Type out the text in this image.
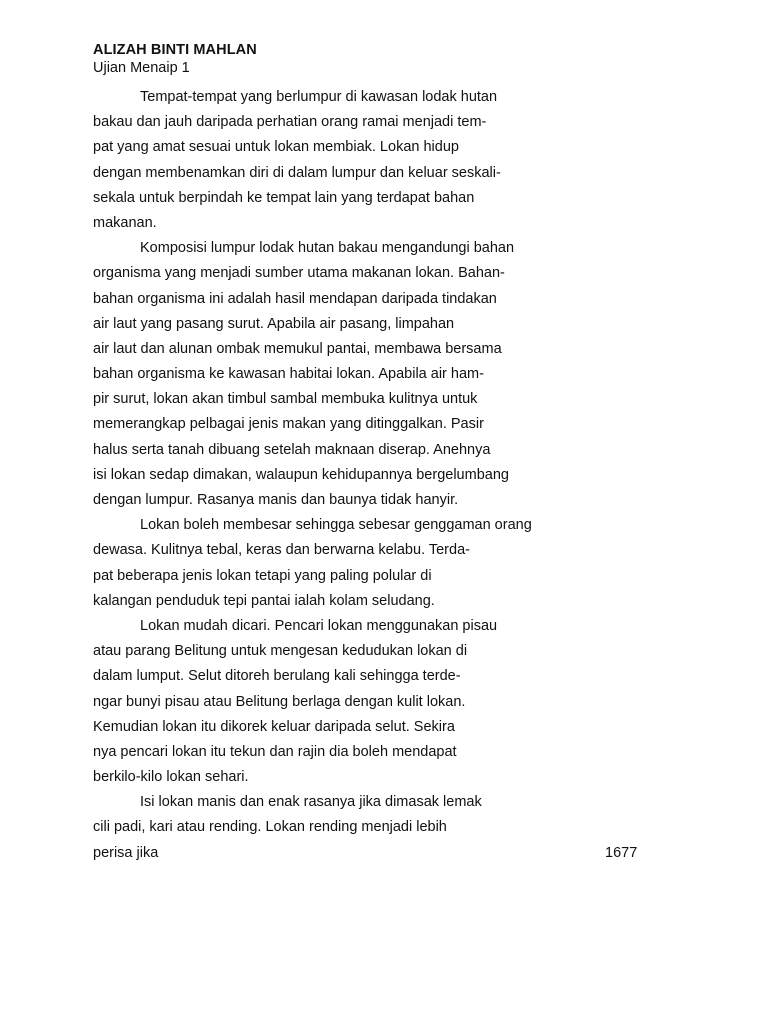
ALIZAH BINTI MAHLAN
Ujian Menaip 1
Tempat-tempat yang berlumpur di kawasan lodak hutan
bakau dan jauh daripada perhatian orang ramai menjadi tem-
pat yang amat sesuai untuk lokan membiak. Lokan hidup
dengan membenamkan diri di dalam lumpur dan keluar seskali-
sekala untuk berpindah ke tempat lain yang terdapat bahan
makanan.
Komposisi lumpur lodak hutan bakau mengandungi bahan
organisma yang menjadi sumber utama makanan lokan. Bahan-
bahan organisma ini adalah hasil mendapan daripada tindakan
air laut yang pasang surut. Apabila air pasang, limpahan
air laut dan alunan ombak memukul pantai, membawa bersama
bahan organisma ke kawasan habitai lokan. Apabila air ham-
pir surut, lokan akan timbul sambal membuka kulitnya untuk
memerangkap pelbagai jenis makan yang ditinggalkan. Pasir
halus serta tanah dibuang setelah maknaan diserap. Anehnya
isi lokan sedap dimakan, walaupun kehidupannya bergelumbang
dengan lumpur. Rasanya manis dan baunya tidak hanyir.
Lokan boleh membesar sehingga sebesar genggaman orang
dewasa. Kulitnya tebal, keras dan berwarna kelabu. Terda-
pat beberapa jenis lokan tetapi yang paling polular di
kalangan penduduk tepi pantai ialah kolam seludang.
Lokan mudah dicari. Pencari lokan menggunakan pisau
atau parang Belitung untuk mengesan kedudukan lokan di
dalam lumput. Selut ditoreh berulang kali sehingga terde-
ngar bunyi pisau atau Belitung berlaga dengan kulit lokan.
Kemudian lokan itu dikorek keluar daripada selut. Sekira
nya pencari lokan itu tekun dan rajin dia boleh mendapat
berkilo-kilo lokan sehari.
Isi lokan manis dan enak rasanya jika dimasak lemak
cili padi, kari atau rending. Lokan rending menjadi lebih
perisa jika	1677
